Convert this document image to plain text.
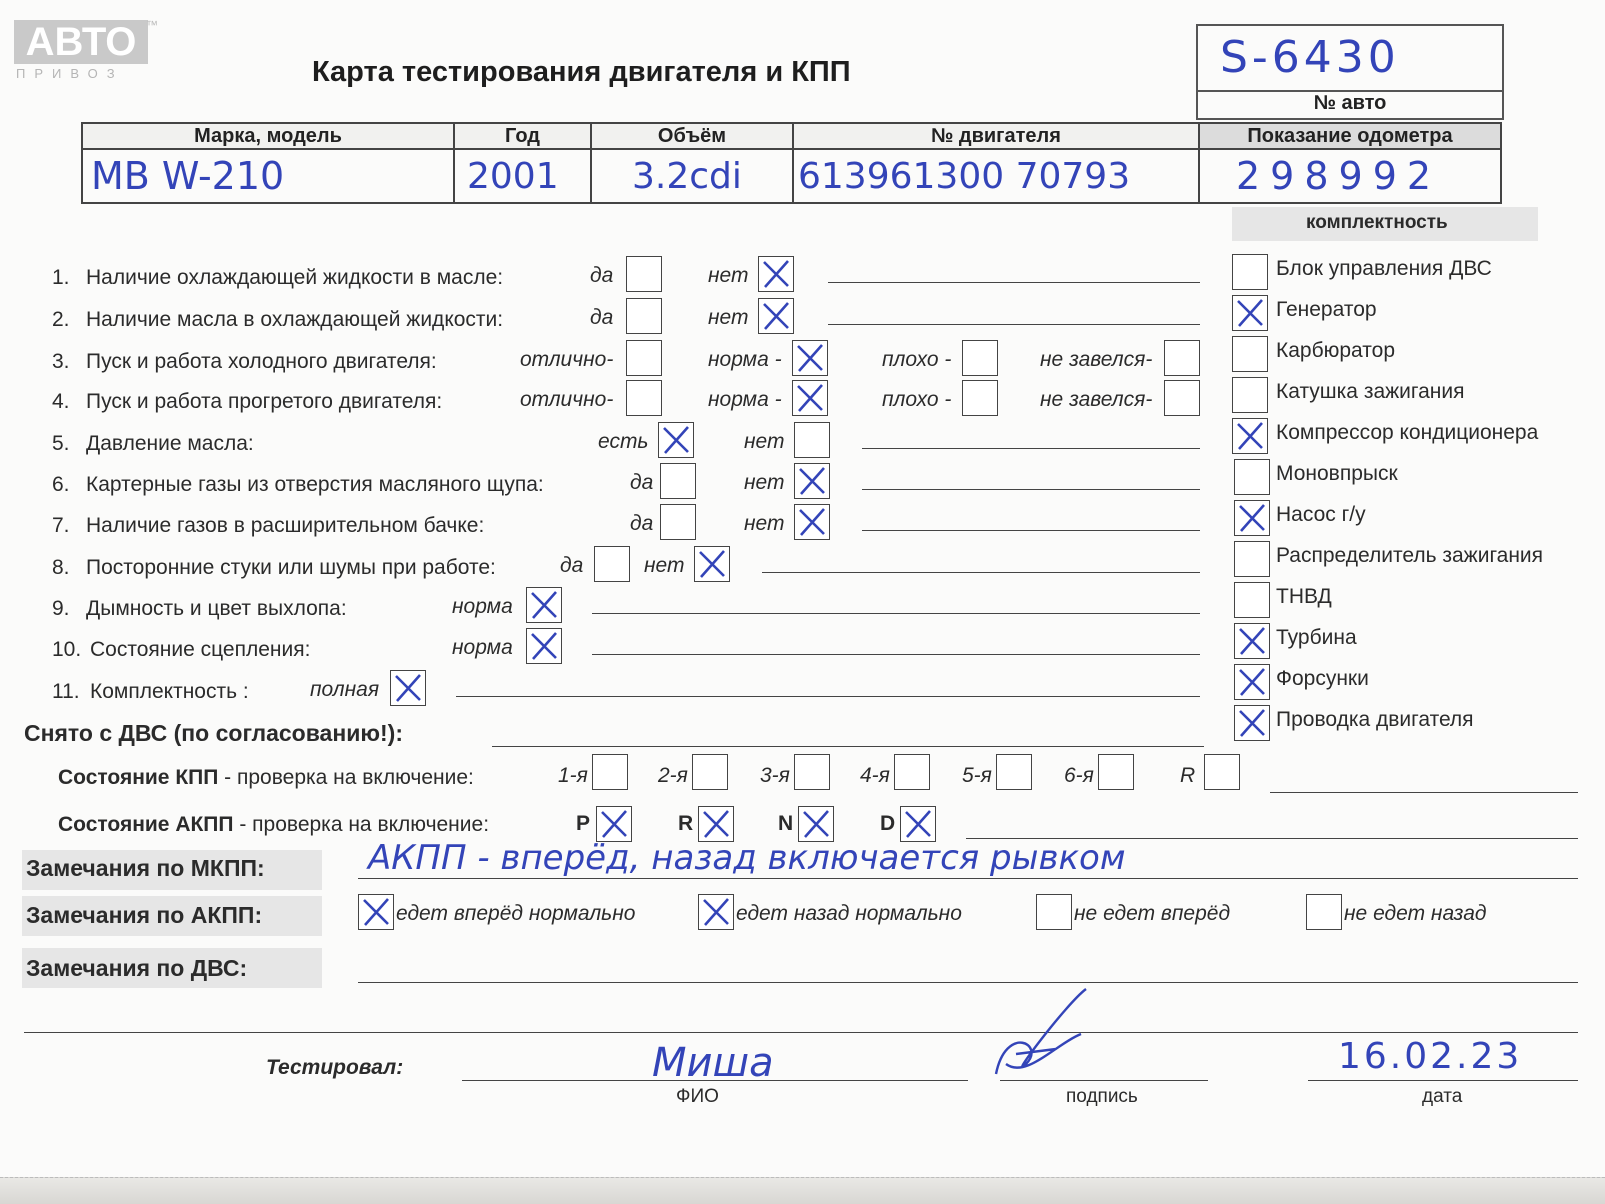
АВТО ™
ПРИВОЗ	Карта тестирования двигателя и КПП	S-6430
№ авто
Марка, модель	Год	Объём	№ двигателя	Показание одометра
MB W-210	2001	3.2cdi	613961300 70793	298992
1. Наличие охлаждающей жидкости в масле:	да	нет
2. Наличие масла в охлаждающей жидкости:	да	нет
3. Пуск и работа холодного двигателя:	отлично-	норма -	плохо -	не завелся-
4. Пуск и работа прогретого двигателя:	отлично-	норма -	плохо -	не завелся-
5. Давление масла:	есть	нет
6. Картерные газы из отверстия масляного щупа:	да	нет
7. Наличие газов в расширительном бачке:	да	нет
8. Посторонние стуки или шумы при работе:	да	нет
9. Дымность и цвет выхлопа:	норма
10. Состояние сцепления:	норма
11. Комплектность :	полная
Блок управления ДВС
Генератор
Карбюратор
Катушка зажигания
Компрессор кондиционера
Моновпрыск
Насос г/у
Распределитель зажигания
ТНВД
Турбина
Форсунки
Проводка двигателя
комплектность
Снято с ДВС (по согласованию!):
Состояние КПП - проверка на включение:	1-я	2-я	3-я	4-я	5-я	6-я	R
Состояние АКПП - проверка на включение:	P	R	N	D
Замечания по МКПП:	АКПП - вперёд, назад включается рывком
Замечания по АКПП:	едет вперёд нормально	едет назад нормально	не едет вперёд	не едет назад
Замечания по ДВС:
Тестировал:	Миша	16.02.23
ФИО	подпись	дата
